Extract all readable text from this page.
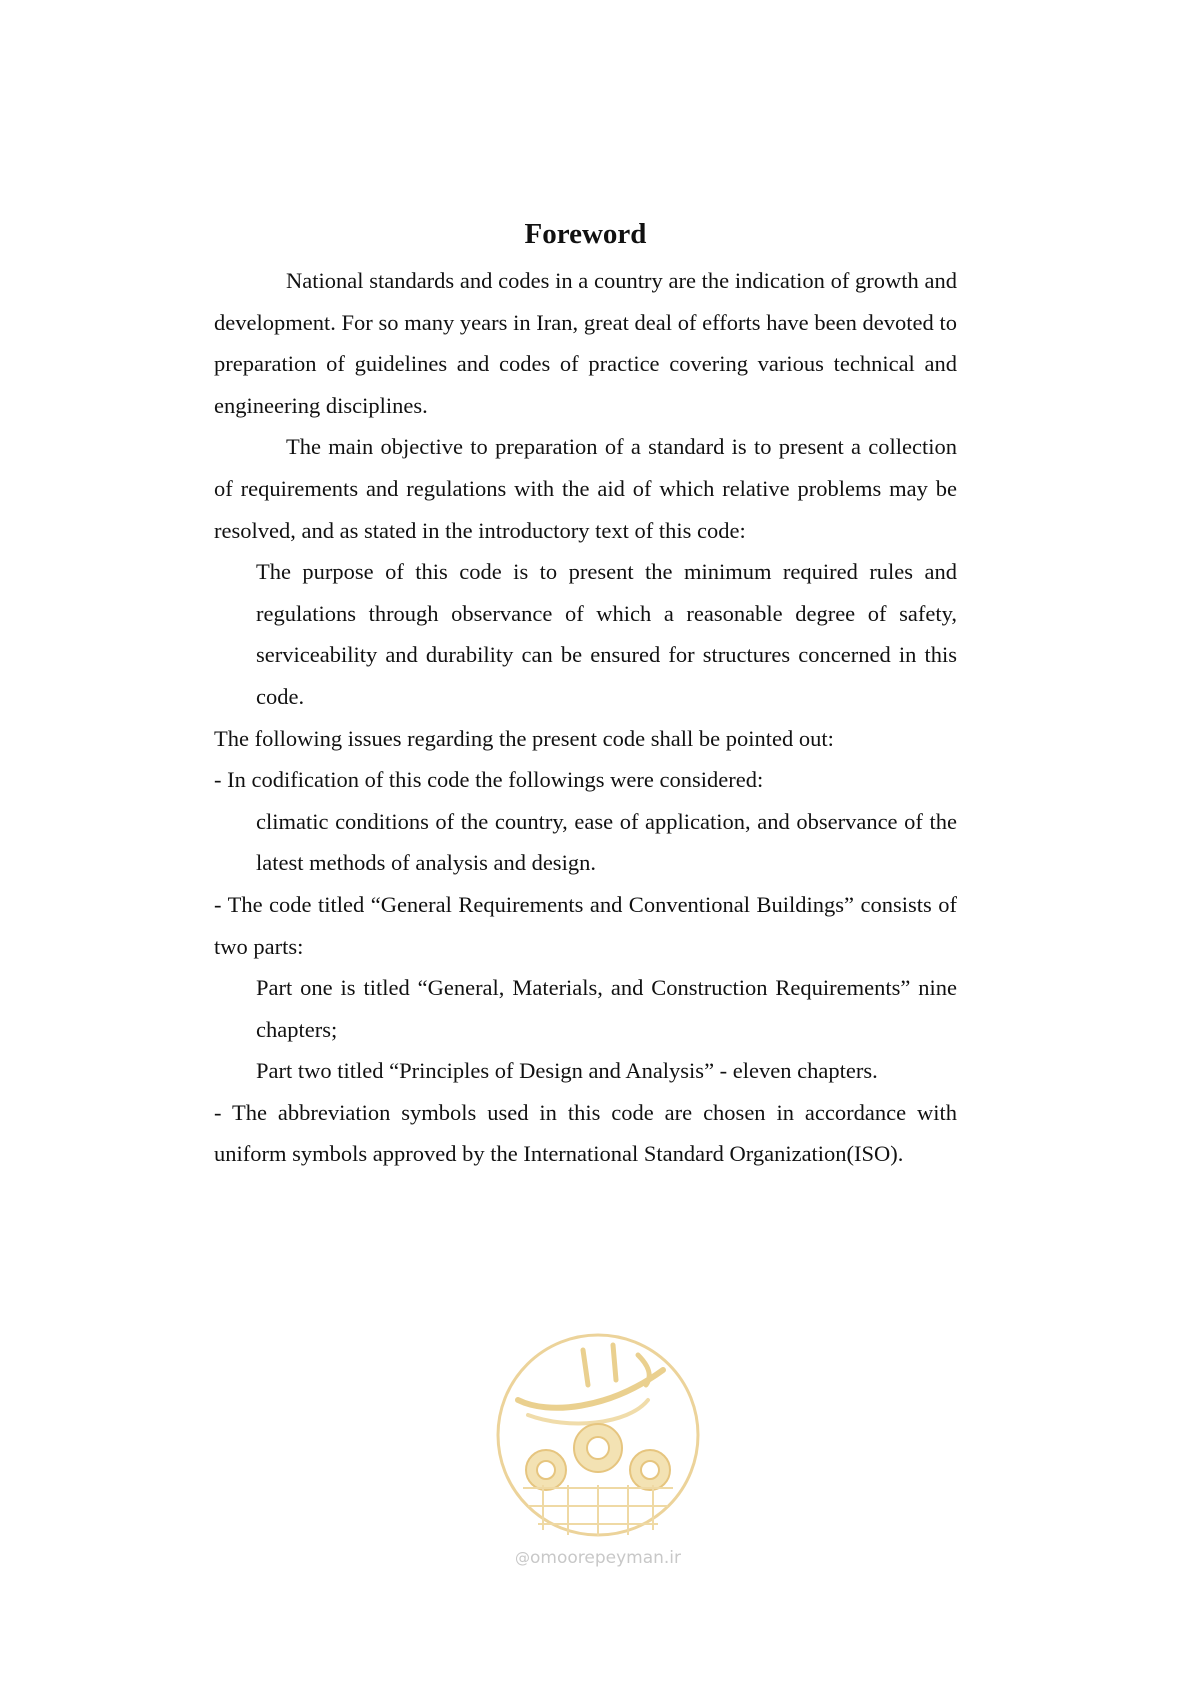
Foreword

National standards and codes in a country are the indication of growth and development. For so many years in Iran, great deal of efforts have been devoted to preparation of guidelines and codes of practice covering various technical and engineering disciplines.

The main objective to preparation of a standard is to present a collection of requirements and regulations with the aid of which relative problems may be resolved, and as stated in the introductory text of this code:

The purpose of this code is to present the minimum required rules and regulations through observance of which a reasonable degree of safety, serviceability and durability can be ensured for structures concerned in this code.

The following issues regarding the present code shall be pointed out:

- In codification of this code the followings were considered:

climatic conditions of the country, ease of application, and observance of the latest methods of analysis and design.

- The code titled “General Requirements and Conventional Buildings” consists of two parts:

Part one is titled “General, Materials, and Construction Requirements” nine chapters;

Part two titled “Principles of Design and Analysis” - eleven chapters.

- The abbreviation symbols used in this code are chosen in accordance with uniform symbols approved by the International Standard Organization(ISO).

@omoorepeyman.ir
